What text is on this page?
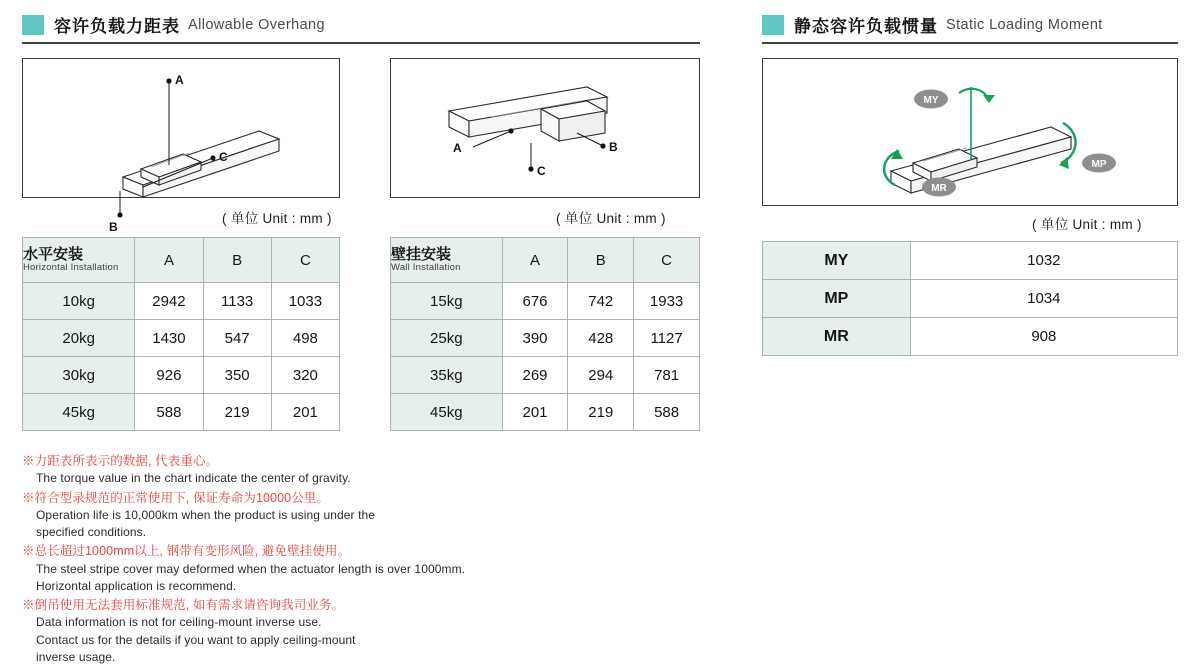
容许负载力距表 Allowable Overhang	静态容许负载惯量 Static Loading Moment
A
B
C
A	B
C
MY
MP
MR
( 单位 Unit : mm )	( 单位 Unit : mm )	( 单位 Unit : mm )
水平安装
Horizontal Installation	A	B	C
10kg	2942	1133	1033
20kg	1430	547	498
30kg	926	350	320
45kg	588	219	201
壁挂安装
Wall Installation	A	B	C
15kg	676	742	1933
25kg	390	428	1127
35kg	269	294	781
45kg	201	219	588
MY	1032
MP	1034
MR	908
※力距表所表示的数据, 代表重心。
The torque value in the chart indicate the center of gravity.
※符合型录规范的正常使用下, 保证寿命为10000公里。
Operation life is 10,000km when the product is using under the
specified conditions.
※总长超过1000mm以上, 钢带有变形风险, 避免壁挂使用。
The steel stripe cover may deformed when the actuator length is over 1000mm.
Horizontal application is recommend.
※倒吊使用无法套用标准规范, 如有需求请咨询我司业务。
Data information is not for ceiling-mount inverse use.
Contact us for the details if you want to apply ceiling-mount
inverse usage.
